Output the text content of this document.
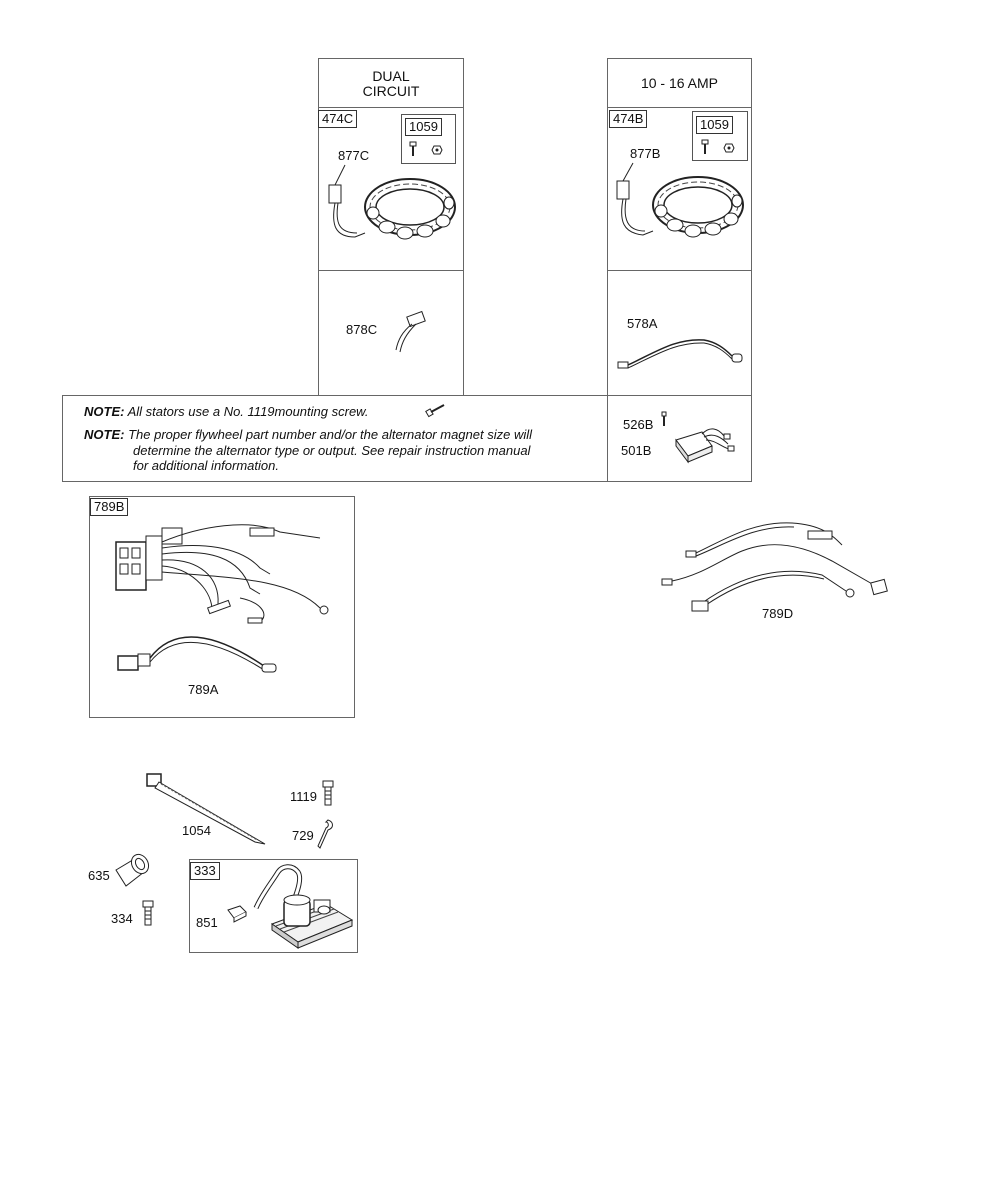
DUAL
CIRCUIT
474C
1059
877C
878C
10 - 16 AMP
474B	1059
877B
578A
NOTE: All stators use a No. 1119mounting screw.
NOTE: The proper flywheel part number and/or the alternator magnet size will
determine the alternator type or output. See repair instruction manual
for additional information.
526B
501B
789B
789A
789D
1054
1119
729
635
334
333
851
